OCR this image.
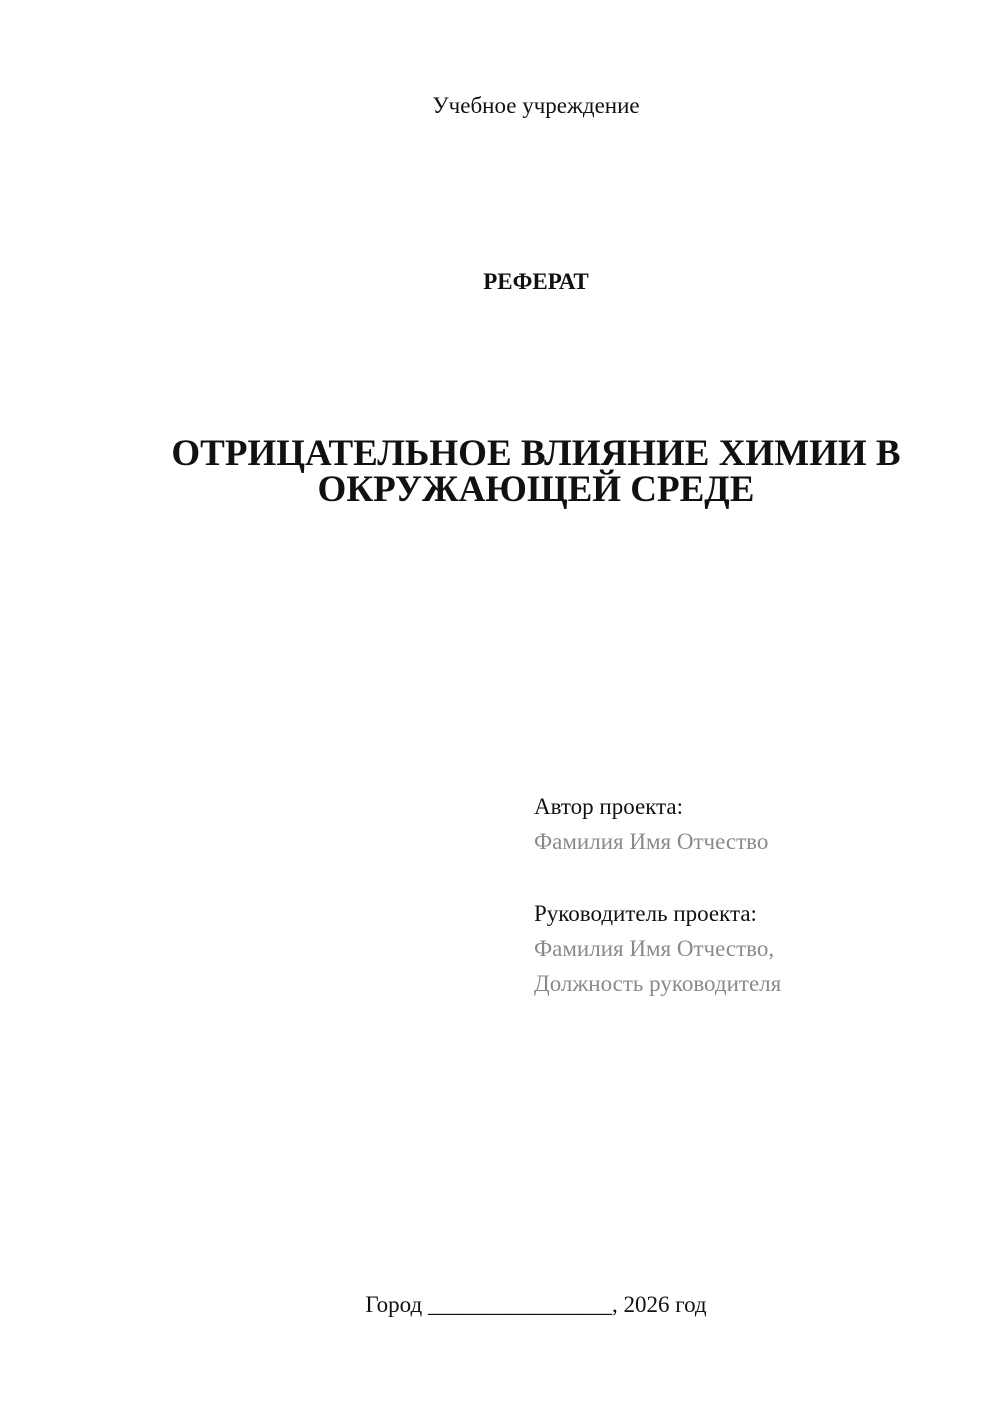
Учебное учреждение
РЕФЕРАТ
ОТРИЦАТЕЛЬНОЕ ВЛИЯНИЕ ХИМИИ В ОКРУЖАЮЩЕЙ СРЕДЕ
Автор проекта:
Фамилия Имя Отчество
Руководитель проекта:
Фамилия Имя Отчество,
Должность руководителя
Город ________________, 2026 год
